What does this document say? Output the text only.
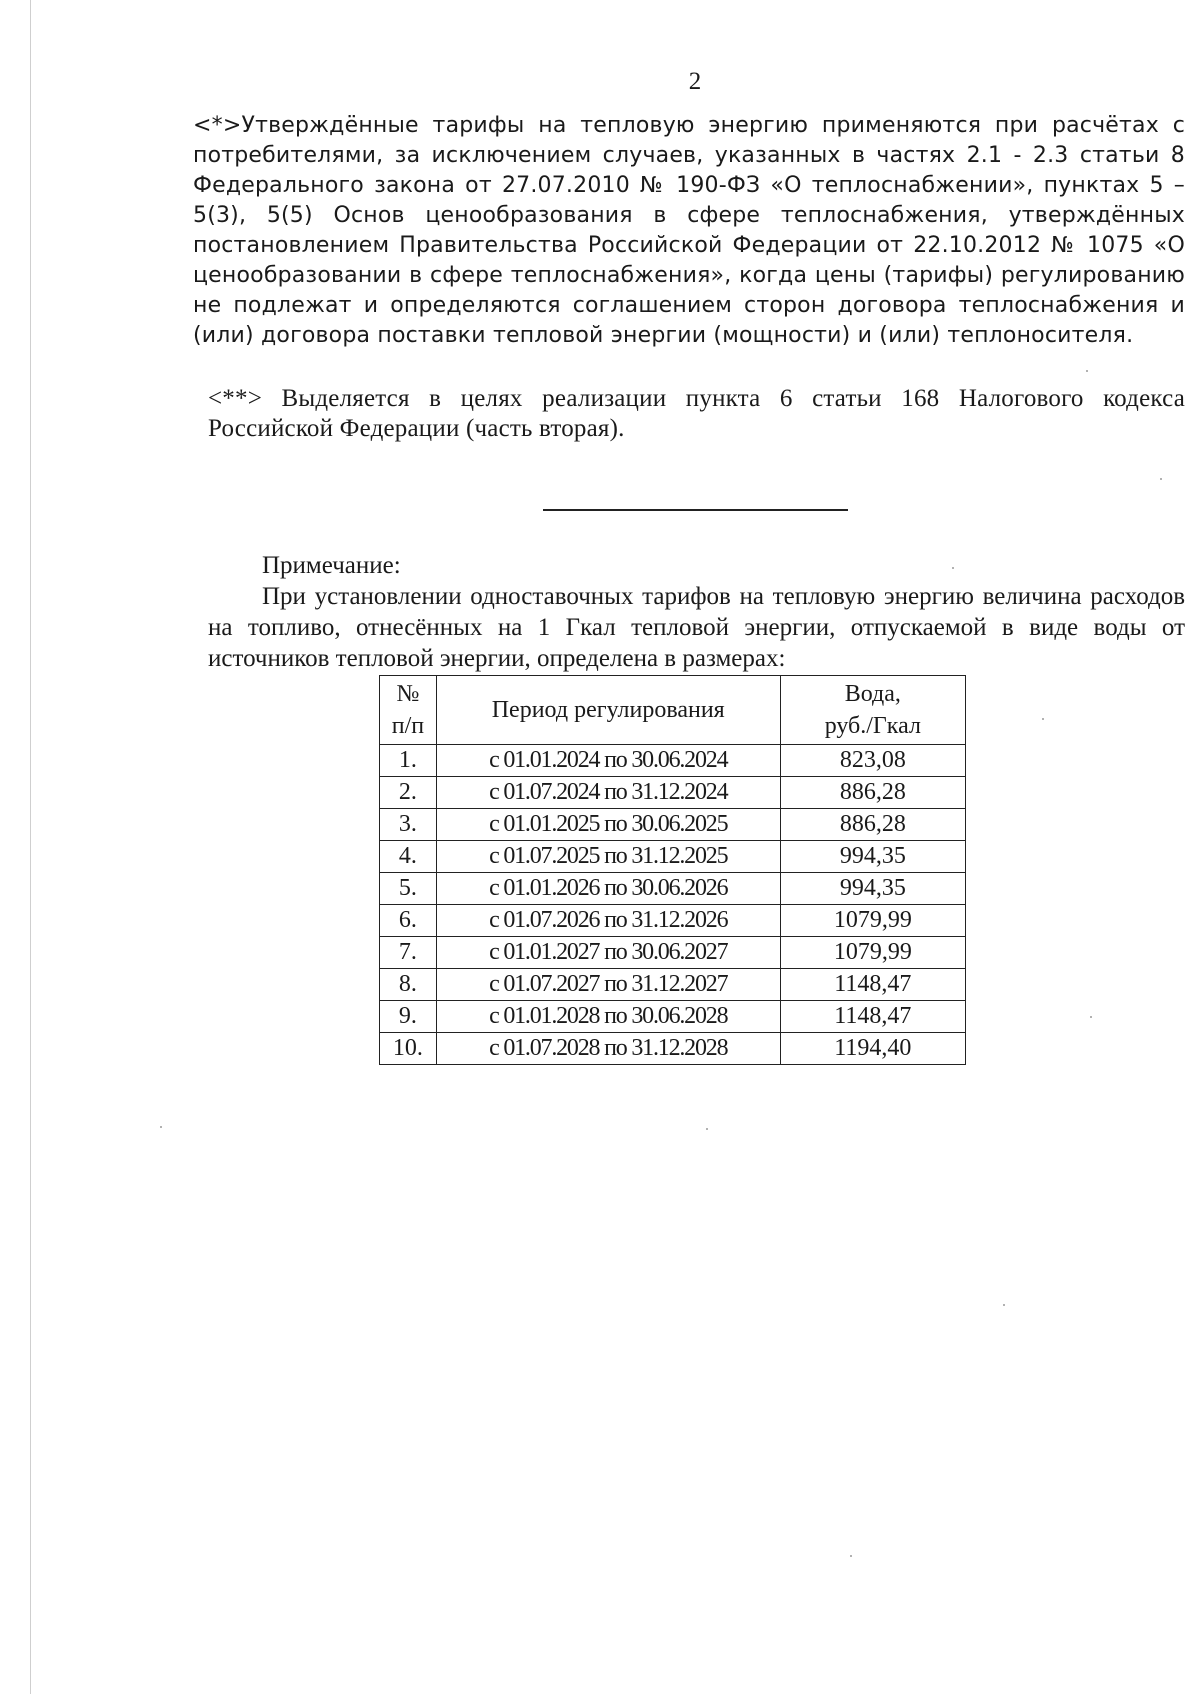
2

<*>Утверждённые тарифы на тепловую энергию применяются при расчётах с потребителями, за исключением случаев, указанных в частях 2.1 - 2.3 статьи 8 Федерального закона от 27.07.2010 № 190-ФЗ «О теплоснабжении», пунктах 5 – 5(3), 5(5) Основ ценообразования в сфере теплоснабжения, утверждённых постановлением Правительства Российской Федерации от 22.10.2012 № 1075 «О ценообразовании в сфере теплоснабжения», когда цены (тарифы) регулированию не подлежат и определяются соглашением сторон договора теплоснабжения и (или) договора поставки тепловой энергии (мощности) и (или) теплоносителя.

<**> Выделяется в целях реализации пункта 6 статьи 168 Налогового кодекса Российской Федерации (часть вторая).

Примечание:

При установлении одноставочных тарифов на тепловую энергию величина расходов на топливо, отнесённых на 1 Гкал тепловой энергии, отпускаемой в виде воды от источников тепловой энергии, определена в размерах:

№
п/п	Период регулирования	Вода,
руб./Гкал
1.	с 01.01.2024 по 30.06.2024	823,08
2.	с 01.07.2024 по 31.12.2024	886,28
3.	с 01.01.2025 по 30.06.2025	886,28
4.	с 01.07.2025 по 31.12.2025	994,35
5.	с 01.01.2026 по 30.06.2026	994,35
6.	с 01.07.2026 по 31.12.2026	1079,99
7.	с 01.01.2027 по 30.06.2027	1079,99
8.	с 01.07.2027 по 31.12.2027	1148,47
9.	с 01.01.2028 по 30.06.2028	1148,47
10.	с 01.07.2028 по 31.12.2028	1194,40
